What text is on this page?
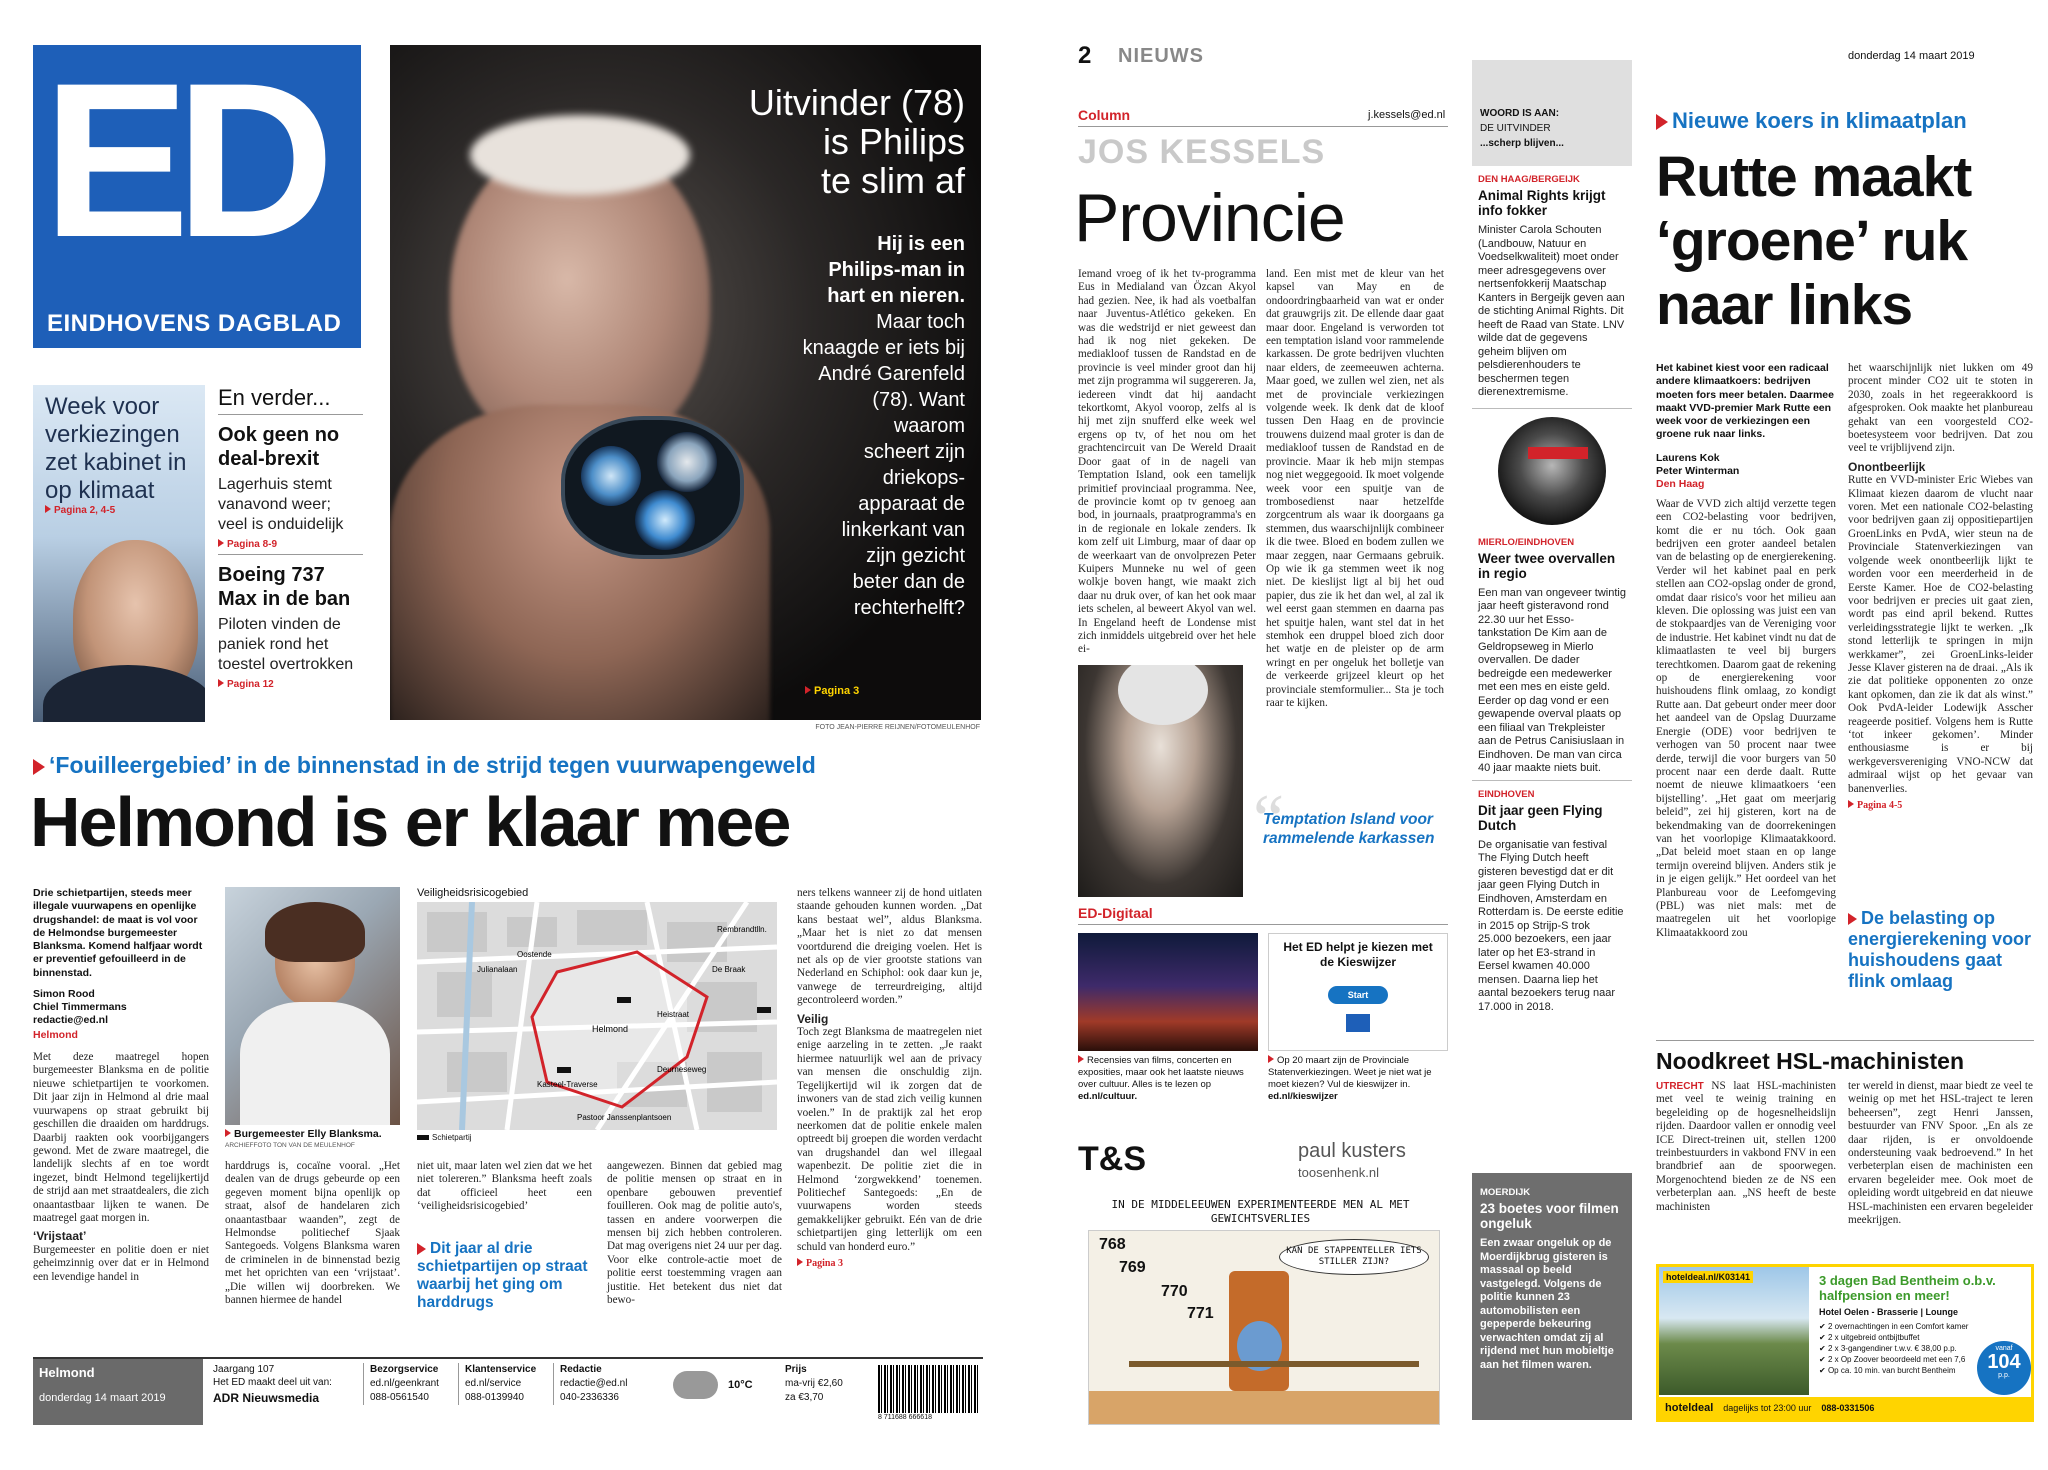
ED
EINDHOVENS DAGBLAD
Uitvinder (78)
is Philips
te slim af
Hij is een
Philips-man in
hart en nieren.
Maar toch
knaagde er iets bij
André Garenfeld
(78). Want
waarom
scheert zijn
driekops-
apparaat de
linkerkant van
zijn gezicht
beter dan de
rechterhelft?
Pagina 3
FOTO JEAN-PIERRE REIJNEN/FOTOMEULENHOF
Week voor verkiezingen zet kabinet in op klimaat
Pagina 2, 4-5
En verder...
Ook geen no deal-brexit
Lagerhuis stemt vanavond weer; veel is onduidelijk
Pagina 8-9
Boeing 737 Max in de ban
Piloten vinden de paniek rond het toestel overtrokken
Pagina 12
‘Fouilleergebied’ in de binnenstad in de strijd tegen vuurwapengeweld
Helmond is er klaar mee
Drie schietpartijen, steeds meer illegale vuurwapens en openlijke drugshandel: de maat is vol voor de Helmondse burgemeester Blanksma. Komend halfjaar wordt er preventief gefouilleerd in de binnenstad.
Simon Rood
Chiel Timmermans
redactie@ed.nl
Helmond

Met deze maatregel hopen burgemeester Blanksma en de politie nieuwe schietpartijen te voorkomen. Dit jaar zijn in Helmond al drie maal vuurwapens op straat gebruikt bij geschillen die draaiden om harddrugs. Daarbij raakten ook voorbijgangers gewond. Met de zware maatregel, die landelijk slechts af en toe wordt ingezet, bindt Helmond tegelijkertijd de strijd aan met straatdealers, die zich onaantastbaar lijken te wanen. De maatregel gaat morgen in.

‘Vrijstaat’

Burgemeester en politie doen er niet geheimzinnig over dat er in Helmond een levendige handel in

Burgemeester Elly Blanksma.
ARCHIEFFOTO TON VAN DE MEULENHOF

harddrugs is, cocaïne vooral. „Het dealen van de drugs gebeurde op een gegeven moment bijna openlijk op straat, alsof de handelaren zich onaantastbaar waanden”, zegt de Helmondse politiechef Sjaak Santegoeds. Volgens Blanksma waren de criminelen in de binnenstad bezig met het oprichten van een ‘vrijstaat’. „Die willen wij doorbreken. We bannen hiermee de handel

Veiligheidsrisicogebied
Helmond
Julianalaan
Oostende
De Braak
Rembrandtlln.
Heistraat
Kasteel-Traverse
Deurneseweg
Pastoor Janssenplantsoen
Schietpartij

niet uit, maar laten wel zien dat we het niet tolereren.” Blanksma heeft zoals dat officieel heet een ‘veiligheidsrisicogebied’

Dit jaar al drie schietpartijen op straat waarbij het ging om harddrugs

aangewezen. Binnen dat gebied mag de politie mensen op straat en in openbare gebouwen preventief fouilleren. Ook mag de politie auto's, tassen en andere voorwerpen die mensen bij zich hebben controleren. Dat mag overigens niet 24 uur per dag. Voor elke controle-actie moet de politie eerst toestemming vragen aan justitie. Het betekent dus niet dat bewo-

ners telkens wanneer zij de hond uitlaten staande gehouden kunnen worden. „Dat kans bestaat wel”, aldus Blanksma. „Maar het is niet zo dat mensen voortdurend die dreiging voelen. Het is net als op de vier grootste stations van Nederland en Schiphol: ook daar kun je, vanwege de terreurdreiging, altijd gecontroleerd worden.”

Veilig

Toch zegt Blanksma de maatregelen niet enige aarzeling in te zetten. „Je raakt hiermee natuurlijk wel aan de privacy van mensen die onschuldig zijn. Tegelijkertijd wil ik zorgen dat de inwoners van de stad zich veilig kunnen voelen.” In de praktijk zal het erop neerkomen dat de politie enkele malen optreedt bij groepen die worden verdacht van drugshandel dan wel illegaal wapenbezit. De politie ziet die in Helmond ‘zorgwekkend’ toenemen. Politiechef Santegoeds: „En de vuurwapens worden steeds gemakkelijker gebruikt. Eén van de drie schietpartijen ging letterlijk om een schuld van honderd euro.”

Pagina 3
Helmond
donderdag 14 maart 2019
Jaargang 107
Het ED maakt deel uit van:
ADR Nieuwsmedia
Bezorgservice
ed.nl/geenkrant
088-0561540
Klantenservice
ed.nl/service
088-0139940
Redactie
redactie@ed.nl
040-2336336
10°C
Prijs
ma-vrij €2,60
za €3,70
8 711688 666618
2 NIEUWS	donderdag 14 maart 2019
Column	j.kessels@ed.nl
JOS KESSELS
Provincie

Iemand vroeg of ik het tv-programma Eus in Medialand van Özcan Akyol had gezien. Nee, ik had als voetbalfan naar Juventus-Atlético gekeken. En was die wedstrijd er niet geweest dan had ik nog niet gekeken. De mediakloof tussen de Randstad en de provincie is veel minder groot dan hij met zijn programma wil suggereren. Ja, iedereen vindt dat hij aandacht tekortkomt, Akyol voorop, zelfs al is hij met zijn snufferd elke week wel ergens op tv, of het nou om het grachtencircuit van De Wereld Draait Door gaat of in de nageli van Temptation Island, ook een tamelijk primitief provinciaal programma. Nee, de provincie komt op tv genoeg aan bod, in journaals, praatprogramma's en in de regionale en lokale zenders. Ik kom zelf uit Limburg, maar of daar op de weerkaart van de onvolprezen Peter Kuipers Munneke nu wel of geen wolkje boven hangt, wie maakt zich daar nu druk over, of kan het ook maar iets schelen, al beweert Akyol van wel. In Engeland heeft de Londense mist zich inmiddels uitgebreid over het hele ei-

land. Een mist met de kleur van het kapsel van May en de ondoordringbaarheid van wat er onder dat grauwgrijs zit. De ellende daar gaat maar door. Engeland is verworden tot een temptation island voor rammelende karkassen. De grote bedrijven vluchten naar elders, de zeemeeuwen achterna. Maar goed, we zullen wel zien, net als met de provinciale verkiezingen volgende week. Ik denk dat de kloof tussen Den Haag en de provincie trouwens duizend maal groter is dan de mediakloof tussen de Randstad en de provincie. Maar ik heb mijn stempas nog niet weggegooid. Ik moet volgende week voor een spuitje van de trombosedienst naar hetzelfde zorgcentrum als waar ik doorgaans ga stemmen, dus waarschijnlijk combineer ik die twee. Bloed en bodem zullen we maar zeggen, naar Germaans gebruik. Op wie ik ga stemmen weet ik nog niet. De kieslijst ligt al bij het oud papier, dus zie ik het dan wel, al zal ik wel eerst gaan stemmen en daarna pas het spuitje halen, want stel dat in het stemhok een druppel bloed zich door het watje en de pleister op de arm wringt en per ongeluk het bolletje van de verkeerde grijzeel kleurt op het provinciale stemformulier... Sta je toch raar te kijken.

“
Temptation Island voor rammelende karkassen
WOORD IS AAN:
DE UITVINDER
...scherp blijven...
DEN HAAG/BERGEIJK
Animal Rights krijgt info fokker

Minister Carola Schouten (Landbouw, Natuur en Voedselkwaliteit) moet onder meer adresgegevens over nertsenfokkerij Maatschap Kanters in Bergeijk geven aan de stichting Animal Rights. Dit heeft de Raad van State. LNV wilde dat de gegevens geheim blijven om pelsdierenhouders te beschermen tegen dierenextremisme.

MIERLO/EINDHOVEN
Weer twee overvallen in regio

Een man van ongeveer twintig jaar heeft gisteravond rond 22.30 uur het Esso-tankstation De Kim aan de Geldropseweg in Mierlo overvallen. De dader bedreigde een medewerker met een mes en eiste geld. Eerder op dag vond er een gewapende overval plaats op een filiaal van Trekpleister aan de Petrus Canisiuslaan in Eindhoven. De man van circa 40 jaar maakte niets buit.

EINDHOVEN
Dit jaar geen Flying Dutch

De organisatie van festival The Flying Dutch heeft gisteren bevestigd dat er dit jaar geen Flying Dutch in Eindhoven, Amsterdam en Rotterdam is. De eerste editie in 2015 op Strijp-S trok 25.000 bezoekers, een jaar later op het E3-strand in Eersel kwamen 40.000 mensen. Daarna liep het aantal bezoekers terug naar 17.000 in 2018.

MOERDIJK
23 boetes voor filmen ongeluk

Een zwaar ongeluk op de Moerdijkbrug gisteren is massaal op beeld vastgelegd. Volgens de politie kunnen 23 automobilisten een gepeperde bekeuring verwachten omdat zij al rijdend met hun mobieltje aan het filmen waren.

ED-Digitaal
Recensies van films, concerten en exposities, maar ook het laatste nieuws over cultuur. Alles is te lezen op ed.nl/cultuur.
Het ED helpt je kiezen met de Kieswijzer
Start
Op 20 maart zijn de Provinciale Statenverkiezingen. Weet je niet wat je moet kiezen? Vul de kieswijzer in. ed.nl/kieswijzer
T&S	paul kusters
toosenhenk.nl
IN DE MIDDELEEUWEN EXPERIMENTEERDE MEN AL MET GEWICHTSVERLIES
768
769
770
771
KAN DE STAPPENTELLER IETS STILLER ZIJN?
Nieuwe koers in klimaatplan
Rutte maakt ‘groene’ ruk naar links
Het kabinet kiest voor een radicaal andere klimaatkoers: bedrijven moeten fors meer betalen. Daarmee maakt VVD-premier Mark Rutte een week voor de verkiezingen een groene ruk naar links.
Laurens Kok
Peter Winterman
Den Haag

Waar de VVD zich altijd verzette tegen een CO2-belasting voor bedrijven, komt die er nu tóch. Ook gaan bedrijven een groter aandeel betalen van de belasting op de energierekening. Verder wil het kabinet paal en perk stellen aan CO2-opslag onder de grond, omdat daar risico's voor het milieu aan kleven. Die oplossing was juist een van de stokpaardjes van de Vereniging voor de industrie. Het kabinet vindt nu dat de klimaatlasten te veel bij burgers terechtkomen. Daarom gaat de rekening op de energierekening voor huishoudens flink omlaag, zo kondigt Rutte aan. Dat gebeurt onder meer door het aandeel van de Opslag Duurzame Energie (ODE) voor bedrijven te verhogen van 50 procent naar twee derde, terwijl die voor burgers van 50 procent naar een derde daalt. Rutte noemt de nieuwe klimaatkoers ‘een bijstelling’. „Het gaat om meerjarig beleid”, zei hij gisteren, kort na de bekendmaking van de doorrekeningen van het voorlopige Klimaatakkoord. „Dat beleid moet staan en op lange termijn overeind blijven. Anders stik je in je eigen gelijk.” Het oordeel van het Planbureau voor de Leefomgeving (PBL) was niet mals: met de maatregelen uit het voorlopige Klimaatakkoord zou

het waarschijnlijk niet lukken om 49 procent minder CO2 uit te stoten in 2030, zoals in het regeerakkoord is afgesproken. Ook maakte het planbureau gehakt van een voorgesteld CO2-boetesysteem voor bedrijven. Dat zou veel te vrijblijvend zijn.

Onontbeerlijk

Rutte en VVD-minister Eric Wiebes van Klimaat kiezen daarom de vlucht naar voren. Met een nationale CO2-belasting voor bedrijven gaan zij oppositiepartijen GroenLinks en PvdA, wier steun na de Provinciale Statenverkiezingen van volgende week onontbeerlijk lijkt te worden voor een meerderheid in de Eerste Kamer. Hoe de CO2-belasting voor bedrijven er precies uit gaat zien, wordt pas eind april bekend. Ruttes verleidingsstrategie lijkt te werken. „Ik stond letterlijk te springen in mijn werkkamer”, zei GroenLinks-leider Jesse Klaver gisteren na de draai. „Als ik zie dat politieke opponenten zo onze kant opkomen, dan zie ik dat als winst.” Ook PvdA-leider Lodewijk Asscher reageerde positief. Volgens hem is Rutte ‘tot inkeer gekomen’. Minder enthousiasme is er bij werkgeversvereniging VNO-NCW dat admiraal wijst op het gevaar van banenverlies.

Pagina 4-5
De belasting op energierekening voor huishoudens gaat flink omlaag
Noodkreet HSL-machinisten

UTRECHT NS laat HSL-machinisten met veel te weinig training en begeleiding op de hogesnelheidslijn rijden. Daardoor vallen er onnodig veel ICE Direct-treinen uit, stellen 1200 treinbestuurders in vakbond FNV in een brandbrief aan de spoorwegen. Morgenochtend bieden ze de NS een verbeterplan aan. „NS heeft de beste machinisten

ter wereld in dienst, maar biedt ze veel te weinig op met het HSL-traject te leren beheersen”, zegt Henri Janssen, bestuurder van FNV Spoor. „En als ze daar rijden, is er onvoldoende ondersteuning vaak bedroevend.” In het verbeterplan eisen de machinisten een ervaren begeleider mee. Ook moet de opleiding wordt uitgebreid en dat nieuwe HSL-machinisten een ervaren begeleider meekrijgen.

hoteldeal.nl/K03141	3 dagen Bad Bentheim o.b.v. halfpension en meer!
Hotel Oelen - Brasserie | Lounge
✔ 2 overnachtingen in een Comfort kamer
✔ 2 x uitgebreid ontbijtbuffet
✔ 2 x 3-gangendiner t.w.v. € 38,00 p.p.
✔ 2 x Op Zoover beoordeeld met een 7,6
✔ Op ca. 10 min. van burcht Bentheim
vanaf
104
p.p.
hoteldeal dagelijks tot 23:00 uur 088-0331506
